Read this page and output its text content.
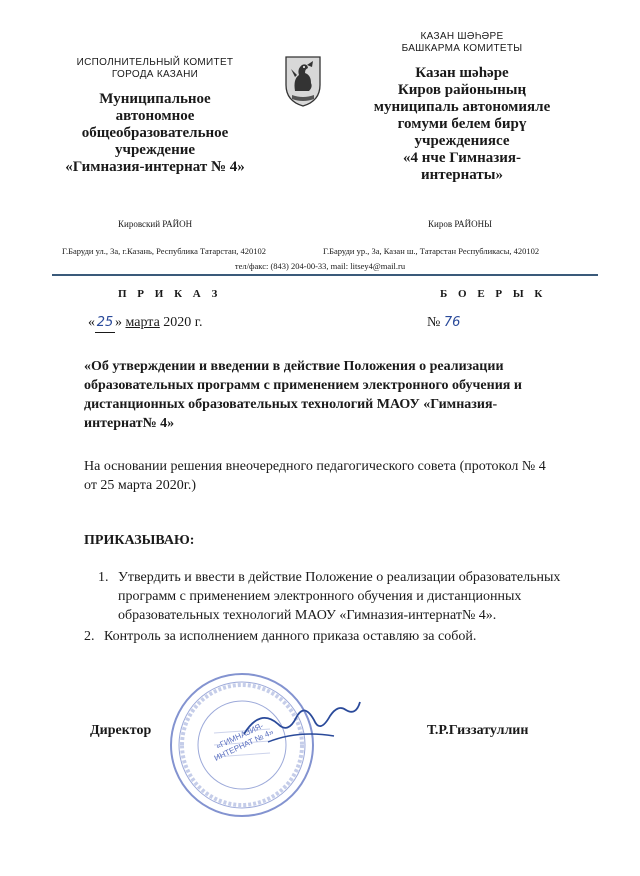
ИСПОЛНИТЕЛЬНЫЙ КОМИТЕТ
ГОРОДА КАЗАНИ
Муниципальное
автономное
общеобразовательное
учреждение
«Гимназия-интернат № 4»
КАЗАН ШӘҺӘРЕ
БАШКАРМА КОМИТЕТЫ
Казан шәһәре
Киров районының
муниципаль автономияле
гомуми белем бирү
учреждениясе
«4 нче Гимназия-
интернаты»
Кировский РАЙОН	Киров РАЙОНЫ
Г.Баруди ул., 3а, г.Казань, Республика Татарстан, 420102	Г.Баруди ур., 3а, Казан ш., Татарстан Республикасы, 420102
тел/факс: (843) 204-00-33, mail: litsey4@mail.ru
П Р И К А З	Б О Е Р Ы К
« 25 » марта 2020 г.	№ 76
«Об утверждении и введении в действие Положения о реализации
образовательных программ с применением электронного обучения и
дистанционных образовательных технологий МАОУ «Гимназия-
интернат№ 4»
На основании решения внеочередного педагогического совета (протокол № 4
от 25 марта 2020г.)
ПРИКАЗЫВАЮ:
1. Утвердить и ввести в действие Положение о реализации образовательных
программ с применением электронного обучения и дистанционных
образовательных технологий МАОУ «Гимназия-интернат№ 4».
2. Контроль за исполнением данного приказа оставляю за собой.
«ГИМНАЗИЯ- ИНТЕРНАТ № 4»
Директор	Т.Р.Гиззатуллин
